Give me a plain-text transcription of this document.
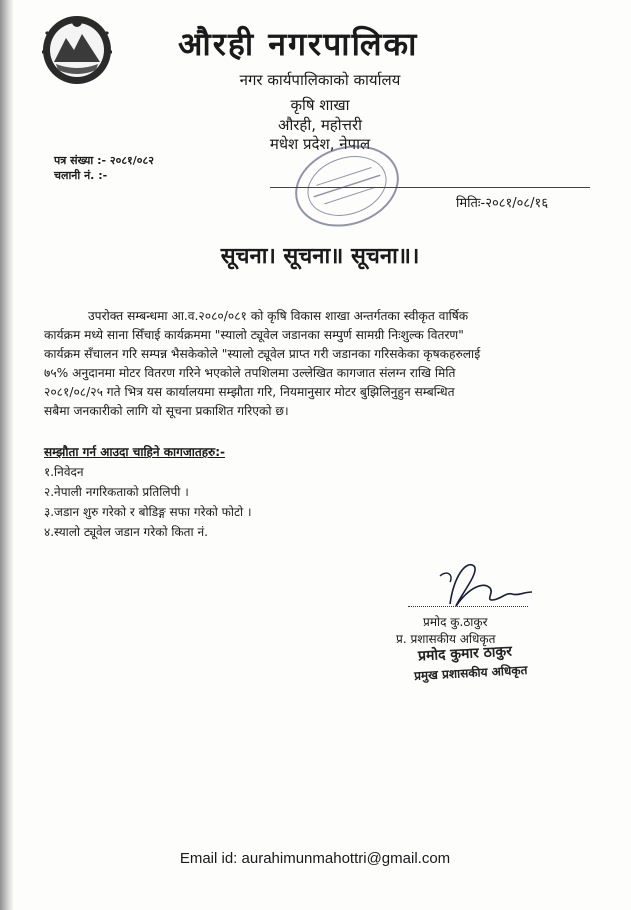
औरही नगरपालिका
नगर कार्यपालिकाको कार्यालय
कृषि शाखा
औरही, महोत्तरी
मधेश प्रदेश, नेपाल
पत्र संख्या :- २०८१/०८२
चलानी नं. :-
मितिः-२०८१/०८/१६
सूचना। सूचना॥ सूचना॥।
उपरोक्त सम्बन्धमा आ.व.२०८०/०८१ को कृषि विकास शाखा अन्तर्गतका स्वीकृत वार्षिक
कार्यक्रम मध्ये साना सिँचाई कार्यक्रममा "स्यालो ट्यूवेल जडानका सम्पुर्ण सामग्री निःशुल्क वितरण"
कार्यक्रम सँचालन गरि सम्पन्न भैसकेकोले "स्यालो ट्यूवेल प्राप्त गरी जडानका गरिसकेका कृषकहरुलाई
७५% अनुदानमा मोटर वितरण गरिने भएकोले तपशिलमा उल्लेखित कागजात संलग्न राखि मिति
२०८१/०८/२५ गते भित्र यस कार्यालयमा सम्झौता गरि, नियमानुसार मोटर बुझिलिनुहुन सम्बन्धित
सबैमा जनकारीको लागि यो सूचना प्रकाशित गरिएको छ।
सम्झौता गर्न आउदा चाहिने कागजातहरु:-
१.निवेदन
२.नेपाली नगरिकताको प्रतिलिपी ।
३.जडान शुरु गरेको र बोडिङ्ग सफा गरेको फोटो ।
४.स्यालो ट्यूवेल जडान गरेको किता नं.
प्रमोद कु.ठाकुर
प्र. प्रशासकीय अधिकृत
प्रमोद कुमार ठाकुर
प्रमुख प्रशासकीय अधिकृत
Email id: aurahimunmahottri@gmail.com
